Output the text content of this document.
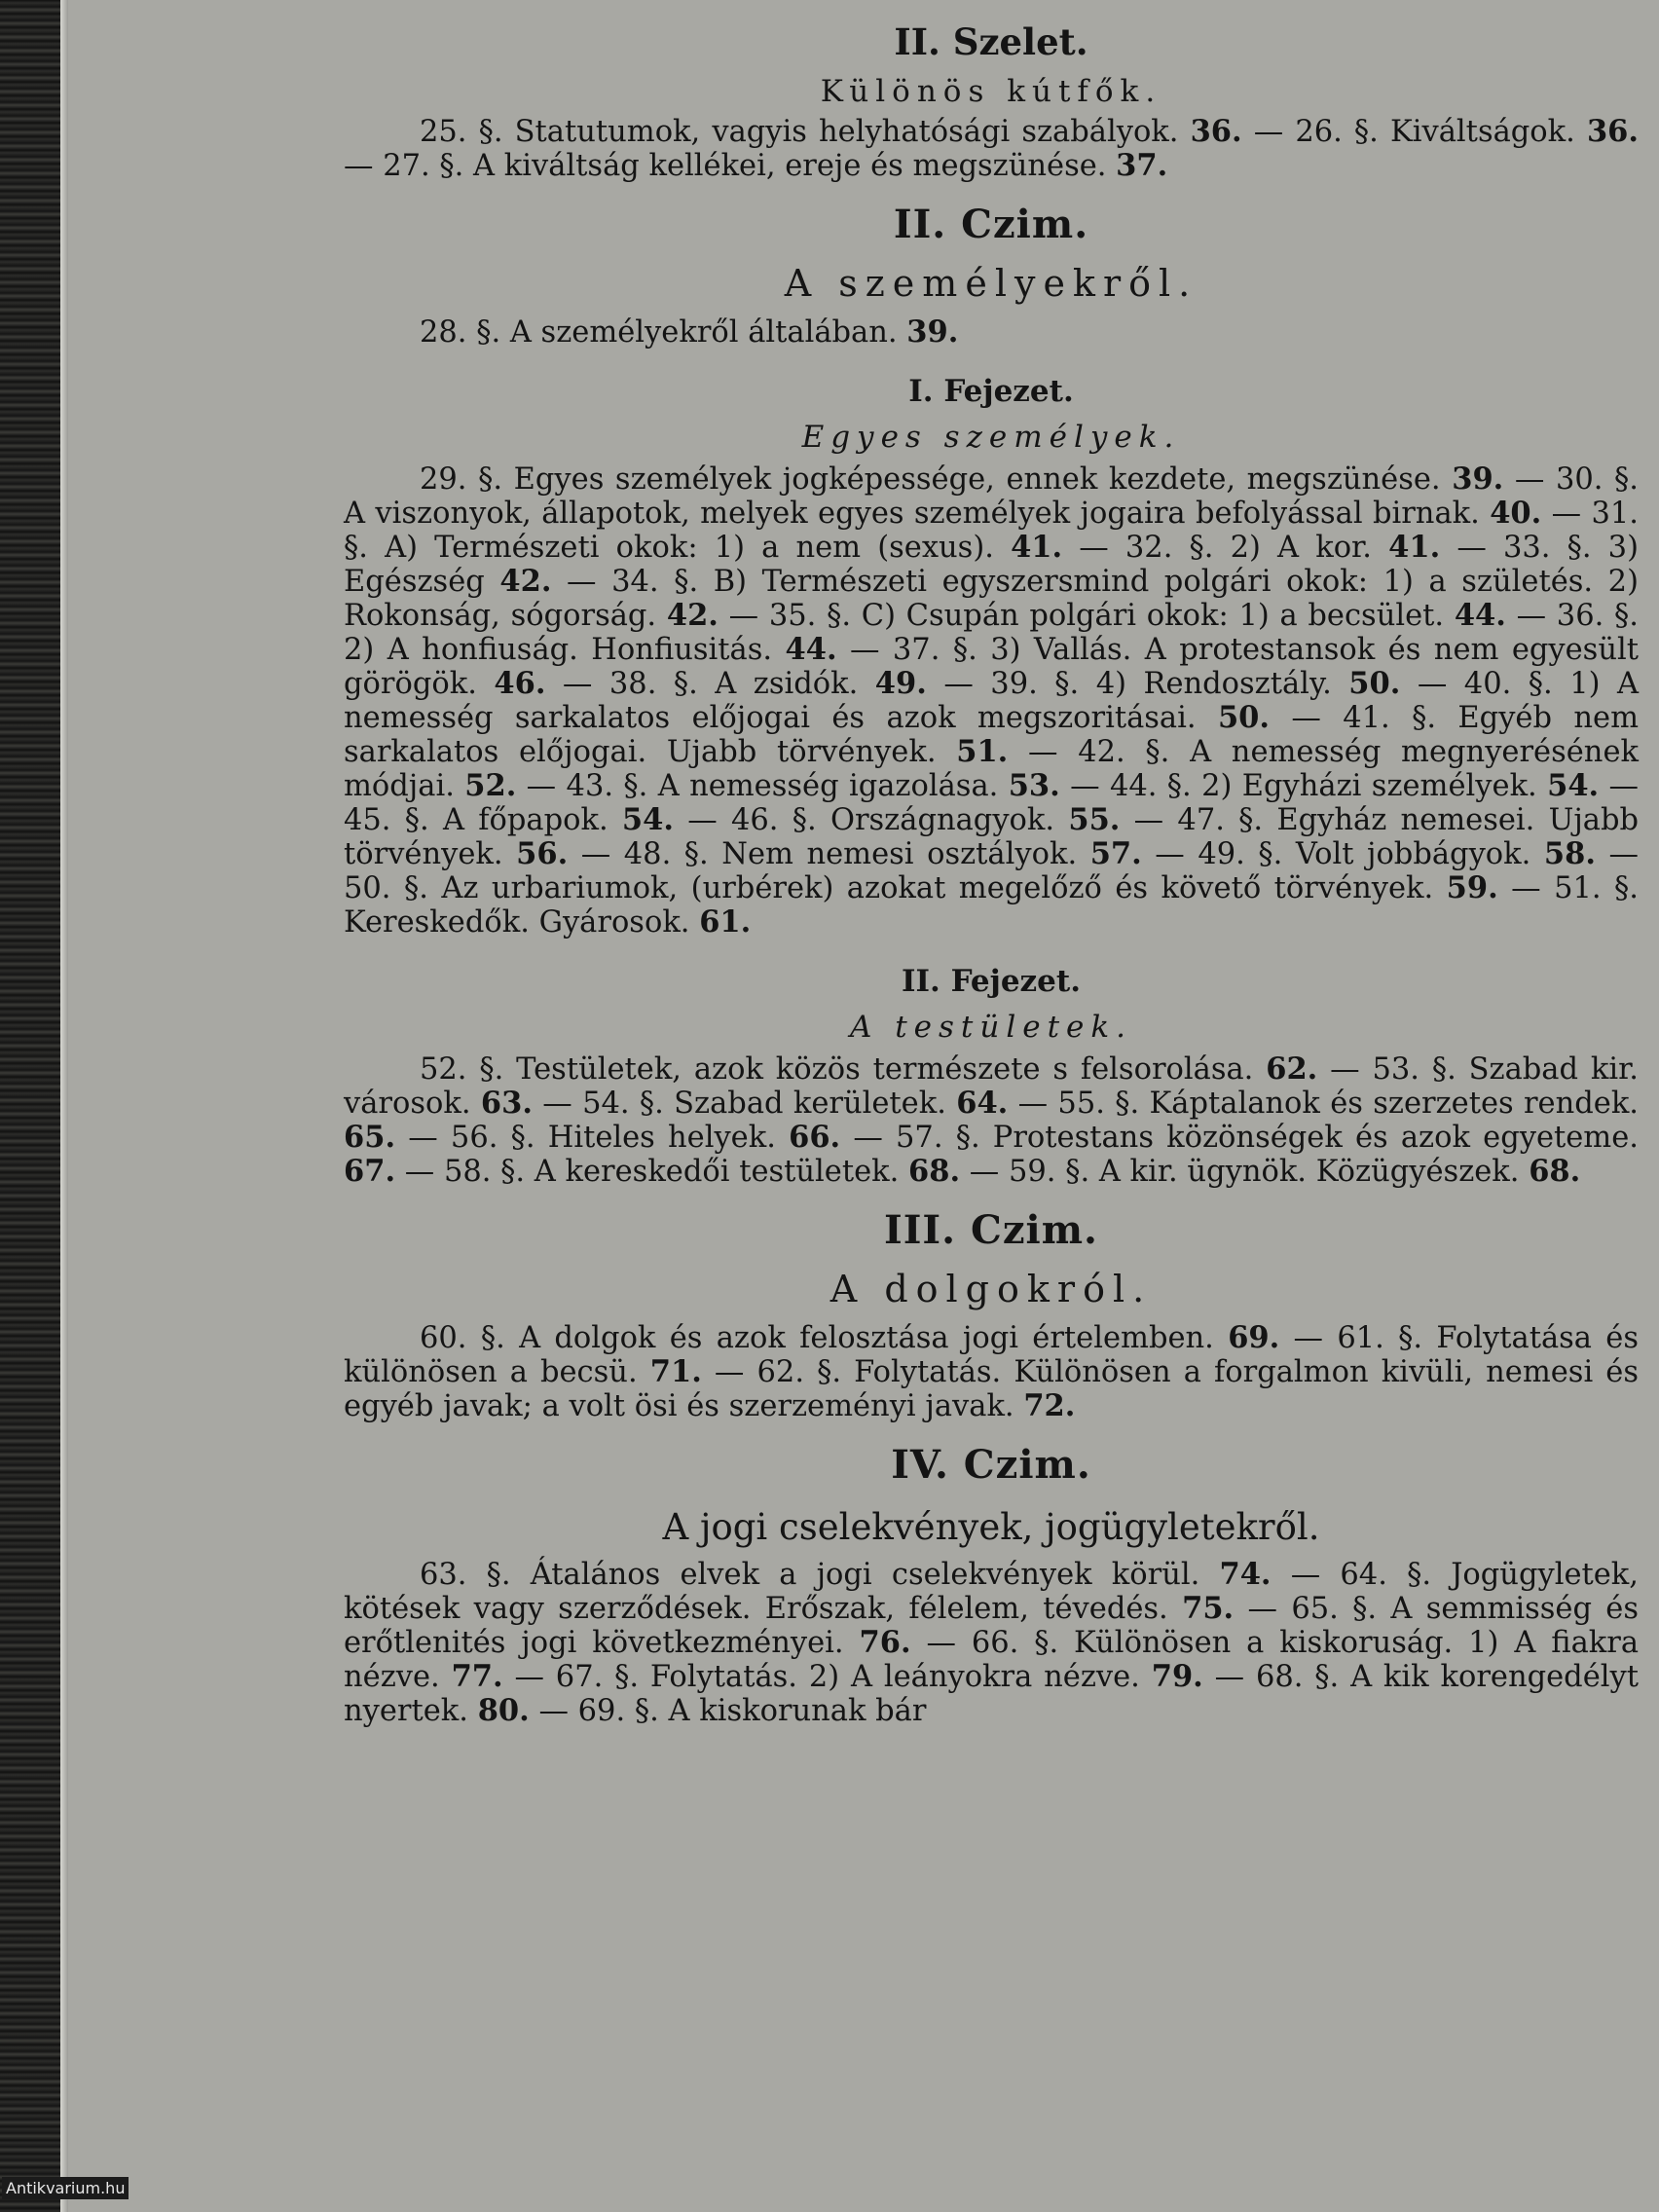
II. Szelet.
Különös kútfők.

25. §. Statutumok, vagyis helyhatósági szabályok. 36. — 26. §. Kiváltságok. 36. — 27. §. A kiváltság kellékei, ereje és megszünése. 37.

II. Czim.
A személyekről.

28. §. A személyekről általában. 39.

I. Fejezet.
Egyes személyek.

29. §. Egyes személyek jogképessége, ennek kezdete, megszünése. 39. — 30. §. A viszonyok, állapotok, melyek egyes személyek jogaira befolyással birnak. 40. — 31. §. A) Természeti okok: 1) a nem (sexus). 41. — 32. §. 2) A kor. 41. — 33. §. 3) Egészség 42. — 34. §. B) Természeti egyszersmind polgári okok: 1) a születés. 2) Rokonság, sógorság. 42. — 35. §. C) Csupán polgári okok: 1) a becsület. 44. — 36. §. 2) A honfiuság. Honfiusitás. 44. — 37. §. 3) Vallás. A protestansok és nem egyesült görögök. 46. — 38. §. A zsidók. 49. — 39. §. 4) Rendosztály. 50. — 40. §. 1) A nemesség sarkalatos előjogai és azok megszoritásai. 50. — 41. §. Egyéb nem sarkalatos előjogai. Ujabb törvények. 51. — 42. §. A nemesség megnyerésének módjai. 52. — 43. §. A nemesség igazolása. 53. — 44. §. 2) Egyházi személyek. 54. — 45. §. A főpapok. 54. — 46. §. Országnagyok. 55. — 47. §. Egyház nemesei. Ujabb törvények. 56. — 48. §. Nem nemesi osztályok. 57. — 49. §. Volt jobbágyok. 58. — 50. §. Az urbariumok, (urbérek) azokat megelőző és követő törvények. 59. — 51. §. Kereskedők. Gyárosok. 61.

II. Fejezet.
A testületek.

52. §. Testületek, azok közös természete s felsorolása. 62. — 53. §. Szabad kir. városok. 63. — 54. §. Szabad kerületek. 64. — 55. §. Káptalanok és szerzetes rendek. 65. — 56. §. Hiteles helyek. 66. — 57. §. Protestans közönségek és azok egyeteme. 67. — 58. §. A kereskedői testületek. 68. — 59. §. A kir. ügynök. Közügyészek. 68.

III. Czim.
A dolgokról.

60. §. A dolgok és azok felosztása jogi értelemben. 69. — 61. §. Folytatása és különösen a becsü. 71. — 62. §. Folytatás. Különösen a forgalmon kivüli, nemesi és egyéb javak; a volt ösi és szerzeményi javak. 72.

IV. Czim.
A jogi cselekvények, jogügyletekről.

63. §. Átalános elvek a jogi cselekvények körül. 74. — 64. §. Jogügyletek, kötések vagy szerződések. Erőszak, félelem, tévedés. 75. — 65. §. A semmisség és erőtlenités jogi következményei. 76. — 66. §. Különösen a kiskoruság. 1) A fiakra nézve. 77. — 67. §. Folytatás. 2) A leányokra nézve. 79. — 68. §. A kik korengedélyt nyertek. 80. — 69. §. A kiskorunak bár

Antikvarium.hu
